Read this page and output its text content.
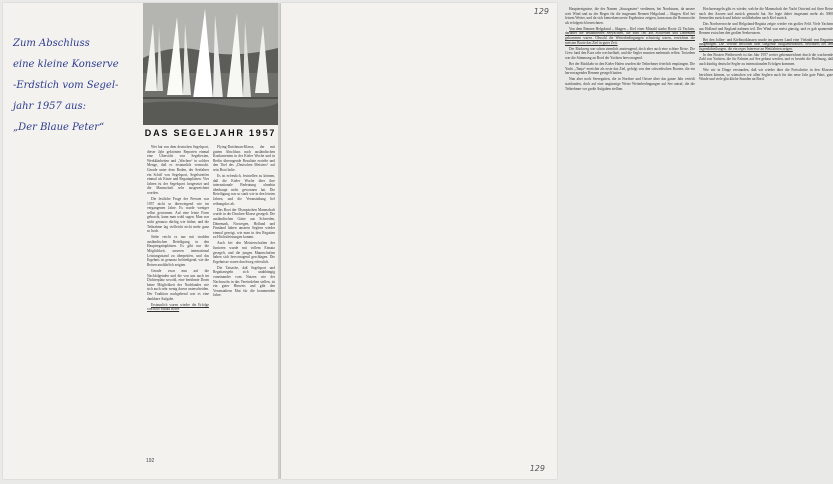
Zum Abschluss
eine kleine Konserve
-Erdstich vom Segel-
jahr 1957 aus:
„Der Blaue Peter“	DAS SEGELJAHR 1957

Wer hat von dem deutschen Segelsport, dieser Jahr gekrönten Reporten einmal eine Übersicht von Segeltexten, Werkklarheiten und „Wachen“ in solcher Menge, daß es erstaunlich vermocht. Gerade unter dem Boden, der Seefahrer ein Schiff von Segelsport, Segelstreifen einmal als Küste und Regattaplätzen. Vier Jahren ist der Segelsport fortgesetzt und die Mannschaft sehr ausgezeichnet worden.

Die festliche Froge der Pressen war 1957 nicht so überwiegend wie im vergangenen Jahre. Es wurde weniger selbst gewonnen. Auf eine letzte Form gebracht, kann man wohl sagen. Man war nicht genauso dürftig wie früher, und die Teilnahme lag vielleicht nicht mehr ganz so hoch.

Siebe reicht es nur mit strahlen ausländischen Beteiligung in den Hauptregattaplätzen. Es gibt nur die Möglichkeit, unseren international Leistungsstand zu überprüfen, und das Ergebnis ist genauso befriedigend, wie die Reisen ausführlich zeigten.

Gerade zwar nun auf die Nachfolgenden und die von uns auch im Dichterplatz sowohl, eine berühmte Dorm keine Möglichkeit des Nachlandes wie sich auch sehr wenig davon unterscheiden. Der Tradition nachgehend war es eine dankbare Aufgabe.

Erstaunlich waren wieder die Erfolge von Rolf Mulka in der

Flying-Dutchman-Klasse, der mit gutem Abschluss nach ausländischen Konkurrenten in der Kieler Woche und in Berlin überragende Resultate erzielte und den Titel des „Deutschen Meisters“ auf sein Boot holte.

Es ist erfreulich, feststellen zu können, daß die Kieler Woche über ihre internationale Bedeutung ohnehin überhaupt nicht gewonnen hat. Die Beteiligung war so stark wie in den letzten Jahren, und die Veranstaltung lief reibungslos ab.

Das Boot der Olympischen Mannschaft wurde in der Drachen-Klasse gesegelt. Die ausländischen Gäste aus Schweden, Dänemark, Norwegen, Holland und Finnland haben unseren Seglern wieder einmal gezeigt, wie man in den Regatten zu Höchstleistungen kommt.

Auch bei den Meisterschaften der Junioren wurde mit vollem Einsatz gesegelt, und die jungen Mannschaften haben sich hervorragend geschlagen. Die Ergebnisse waren durchweg erfreulich.

Die Tatsache, daß Segelsport und Regattasegeln sich unabhängig voneinander vom Nutzen wie der Nachwuchs in das Vereinsleben stellen, ist ein guter Hinweis und gibt den Veranstaltern Mut für die kommenden Jahre.

192
129	Hauptereignisse, die des Namen „Sturzgasten“ verdienen, bei Nordsturm, da unsere weit Wind und zu der Regen für die insgesamt Rennen Helgoland – Skagen. Kiel bei leisem Wetter, und da sich bemerkenswerte Ergebnisse zeigten, kann man die Rennwoche als erfolgreich bezeichnen.

Von dem Rennen Helgoland – Skagen – Kiel einer Mitzahl starke Boote 22 Yachten, darunter die bekanntesten Seeyachten, die zum Teil aus Schweden und Dänemark gekommen waren. Obwohl die Wetterbedingungen schwierig waren, erreichten die meisten Boote das Ziel in guter Zeit.

Der Rückweg war schon ziemlich anstrengend, doch aber auch eine schöne Reise. Die Crew fand den Kurs sehr wechselhaft, und die Segler mussten mehrmals reffen. Trotzdem war die Stimmung an Bord der Yachten hervorragend.

Bei der Rückkehr in den Kieler Hafen wurden die Teilnehmer feierlich empfangen. Die Yacht „Tanja“ erreichte als erste das Ziel, gefolgt von den schwedischen Booten, die ein hervorragendes Rennen gesegelt hatten.

Nun aber noch Seeregatten, die in Nordsee und Ostsee über das ganze Jahr verteilt stattfanden, doch auf eine ungünstige Weise Wetterbedingungen auf See antraf, die die Teilnehmer vor große Aufgaben stellten.

Hochseesegeln gibt es wieder, welche die Mannschaft der Yacht Ostwind auf ihrer Reise nach den Azoren und zurück gemacht hat. Sie legte dabei insgesamt mehr als 3000 Seemeilen zurück und kehrte wohlbehalten nach Kiel zurück.

Das Nordseewoche und Helgoland-Regatta zeigte wieder ein großes Feld. Viele Yachten aus Holland und England nahmen teil. Der Wind war meist günstig, und es gab spannende Rennen zwischen den großen Seekreuzern.

Bei den Jollen- und Kielbootklassen wurde im ganzen Land eine Vielzahl von Regatten ausgetragen. Die Vereine berichten über steigende Mitgliederzahlen, besonders bei den Jugendabteilungen, die ein reges Interesse an Wettfahrten zeigen.

In den Booten Wettbewerb ist das Jahr 1957 weiter gekennzeichnet durch die wachsende Zahl von Yachten, die für Fahrten auf See gebaut werden, und es besteht die Hoffnung, daß auch künftig deutsche Segler zu internationalen Erfolgen kommen.

Wie wir in Dinge verstanden, daß wir wieder über die Fortschritte in den Klassen berichten können, so wünschen wir allen Seglern auch für das neue Jahr gute Fahrt, gute Winde und viele glückliche Stunden an Bord.

129
